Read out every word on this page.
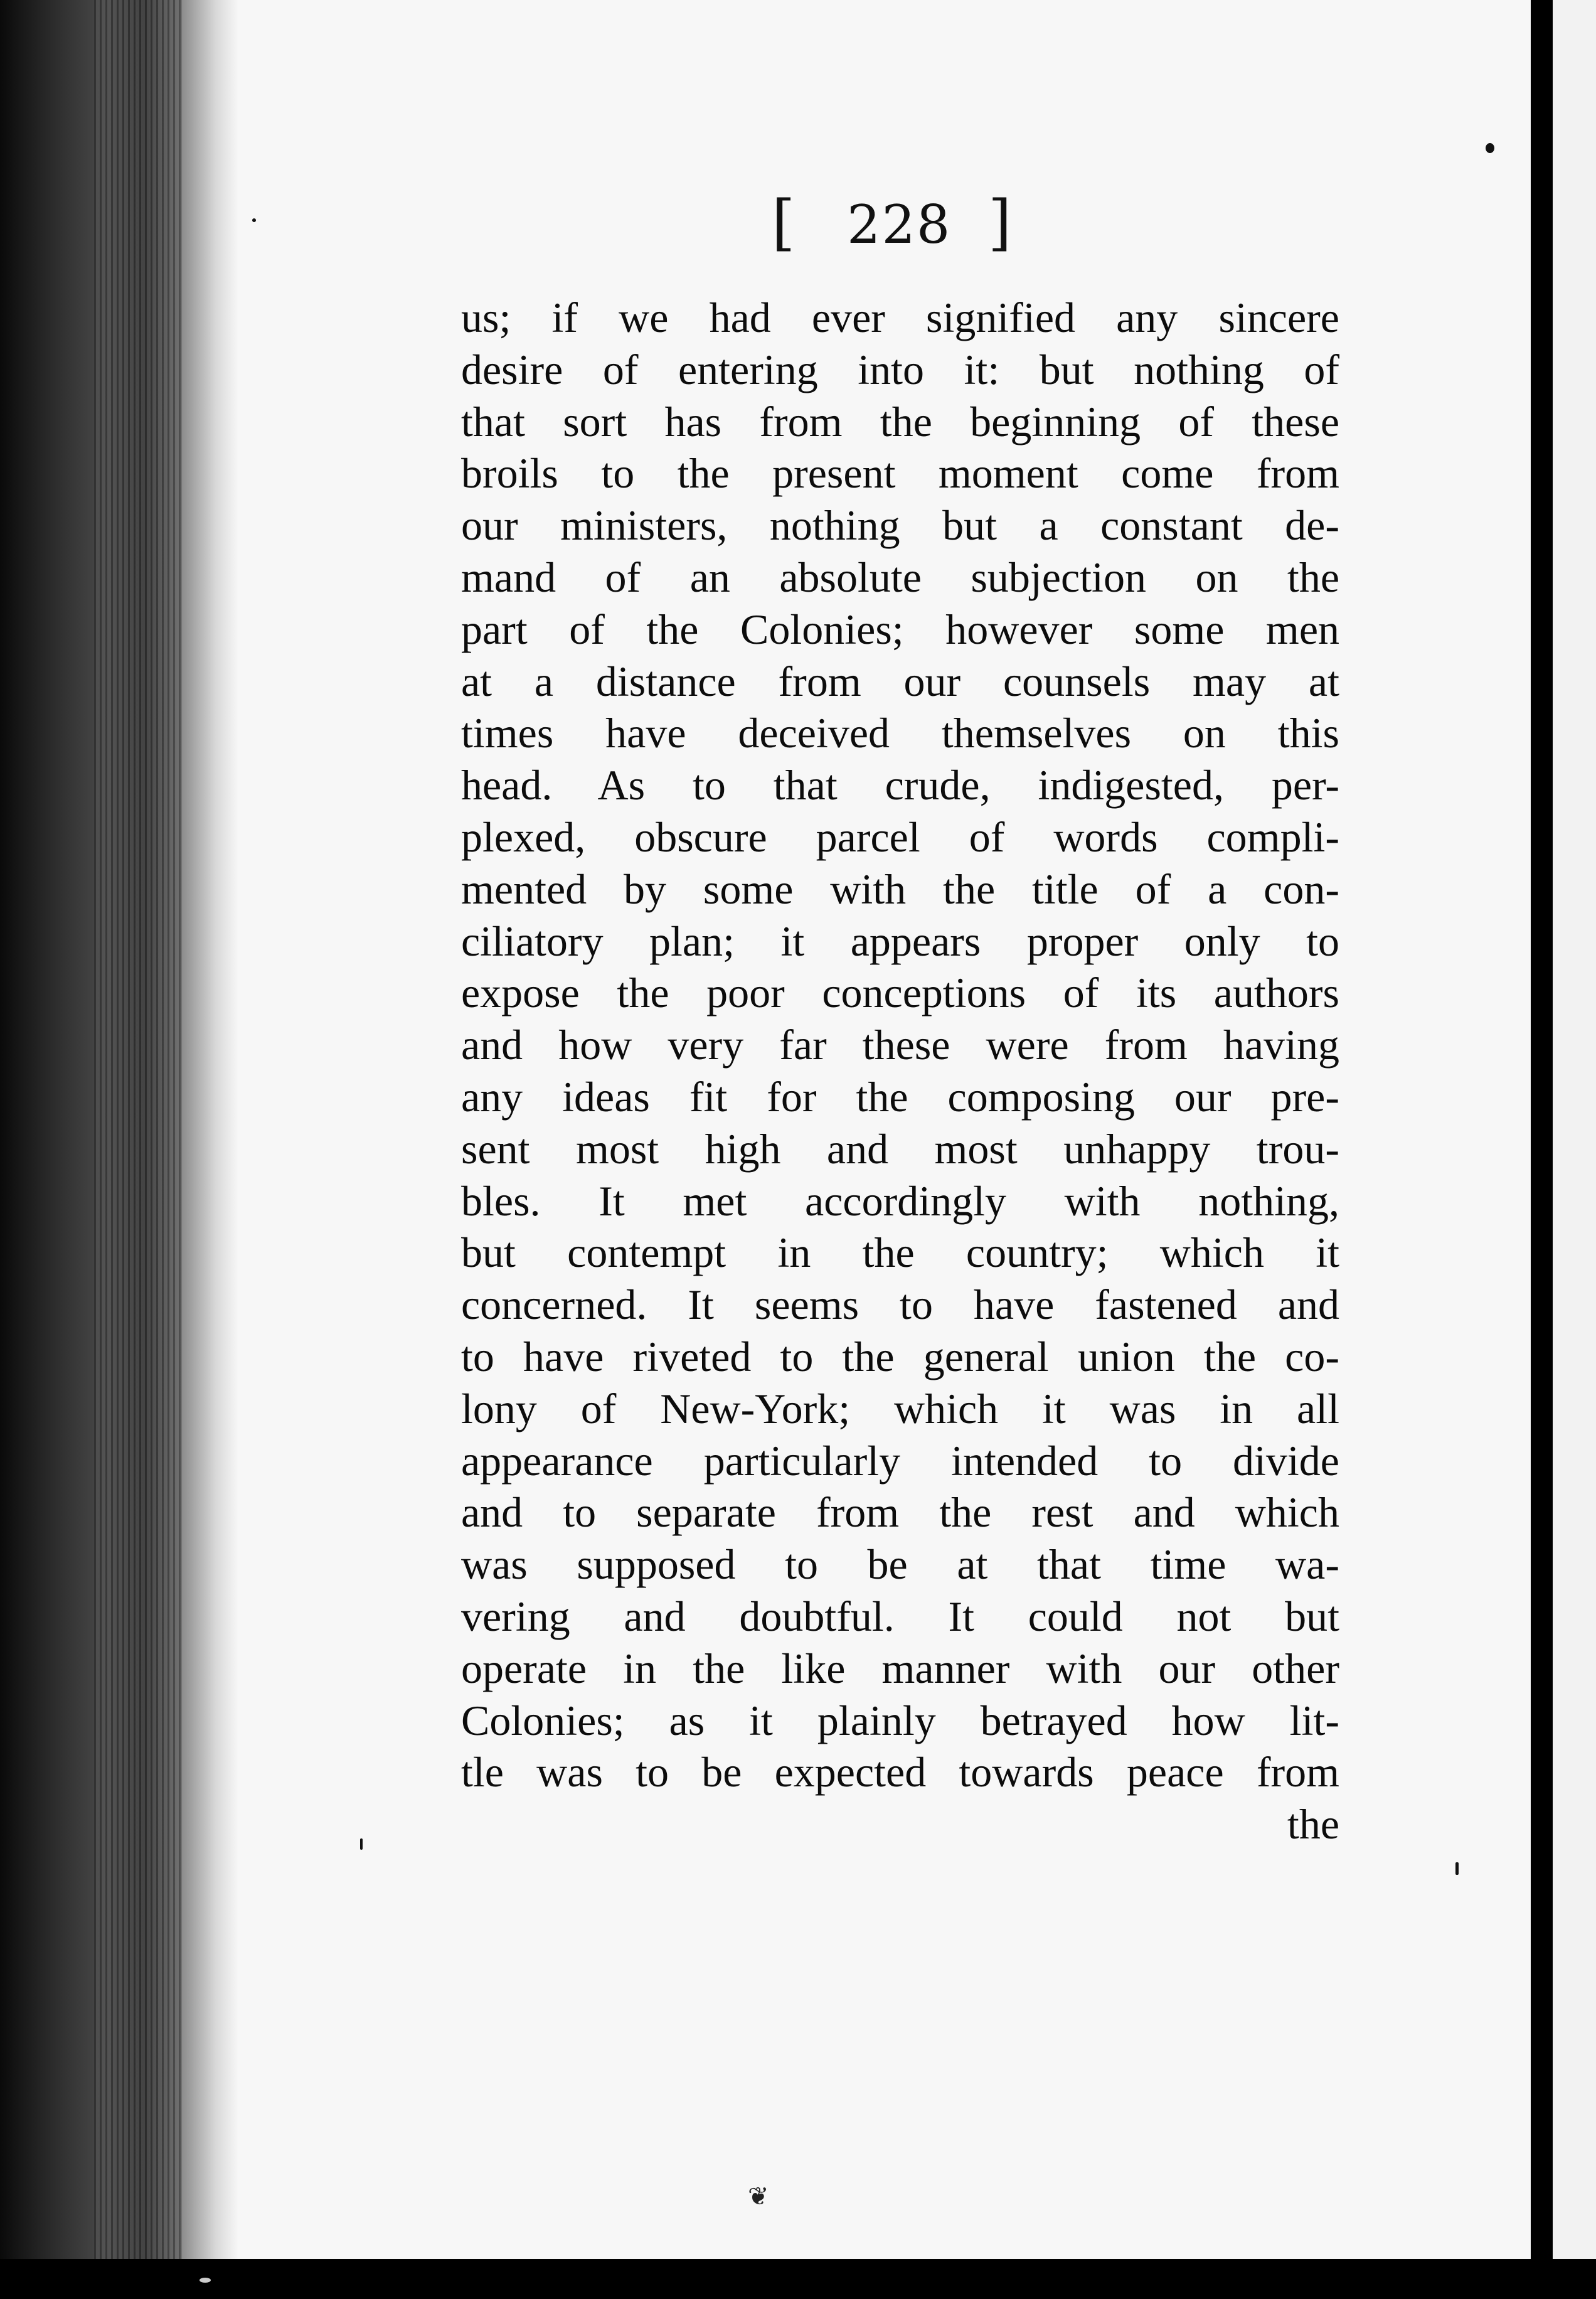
[ 228 ]
us; if we had ever signified any sincere
desire of entering into it: but nothing of
that sort has from the beginning of these
broils to the present moment come from
our ministers, nothing but a constant de-
mand of an absolute subjection on the
part of the Colonies; however some men
at a distance from our counsels may at
times have deceived themselves on this
head. As to that crude, indigested, per-
plexed, obscure parcel of words compli-
mented by some with the title of a con-
ciliatory plan; it appears proper only to
expose the poor conceptions of its authors
and how very far these were from having
any ideas fit for the composing our pre-
sent most high and most unhappy trou-
bles. It met accordingly with nothing,
but contempt in the country; which it
concerned. It seems to have fastened and
to have riveted to the general union the co-
lony of New-York; which it was in all
appearance particularly intended to divide
and to separate from the rest and which
was supposed to be at that time wa-
vering and doubtful. It could not but
operate in the like manner with our other
Colonies; as it plainly betrayed how lit-
tle was to be expected towards peace from
the
❦
